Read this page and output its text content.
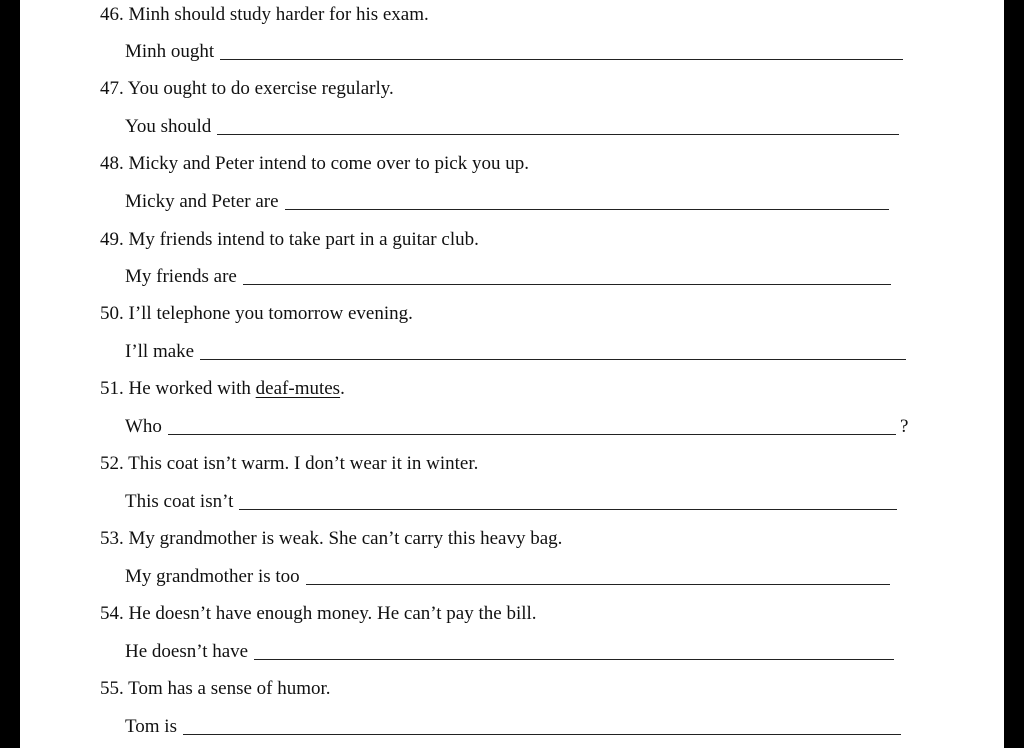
46. Minh should study harder for his exam.
Minh ought
47. You ought to do exercise regularly.
You should
48. Micky and Peter intend to come over to pick you up.
Micky and Peter are
49. My friends intend to take part in a guitar club.
My friends are
50. I’ll telephone you tomorrow evening.
I’ll make
51. He worked with deaf-mutes.
Who	?
52. This coat isn’t warm. I don’t wear it in winter.
This coat isn’t
53. My grandmother is weak. She can’t carry this heavy bag.
My grandmother is too
54. He doesn’t have enough money. He can’t pay the bill.
He doesn’t have
55. Tom has a sense of humor.
Tom is
